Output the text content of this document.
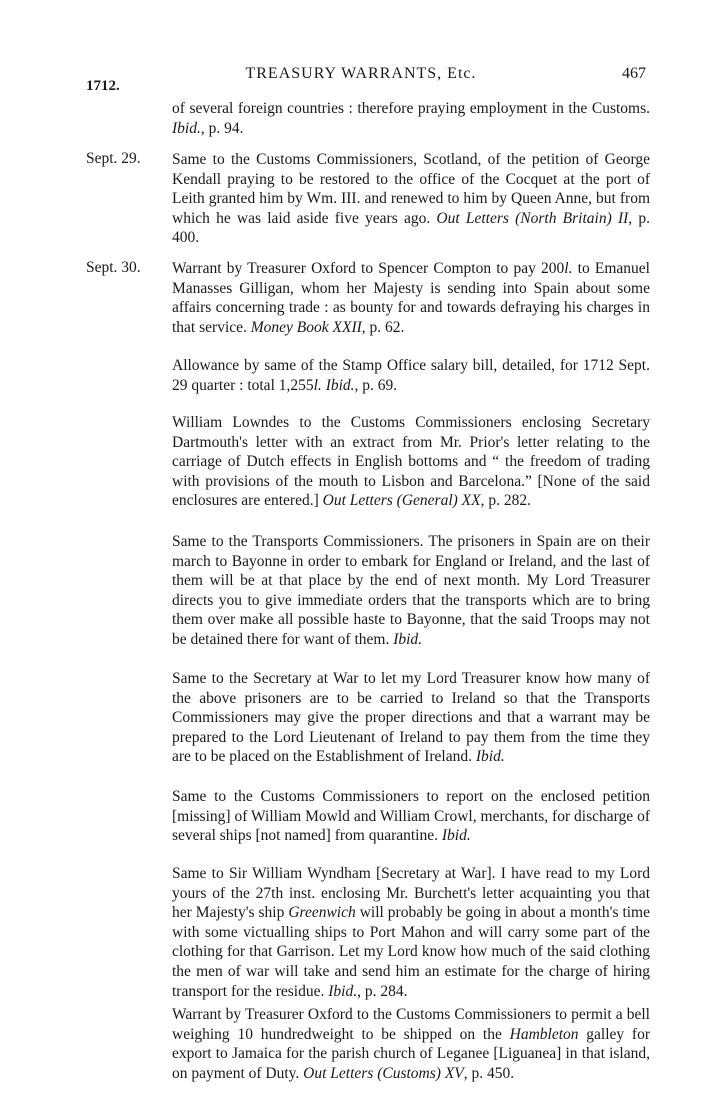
1712.
TREASURY WARRANTS, Etc.	467
of several foreign countries : therefore praying employment in the Customs. Ibid., p. 94.
Sept. 29. Same to the Customs Commissioners, Scotland, of the petition of George Kendall praying to be restored to the office of the Cocquet at the port of Leith granted him by Wm. III. and renewed to him by Queen Anne, but from which he was laid aside five years ago. Out Letters (North Britain) II, p. 400.
Sept. 30. Warrant by Treasurer Oxford to Spencer Compton to pay 200l. to Emanuel Manasses Gilligan, whom her Majesty is sending into Spain about some affairs concerning trade : as bounty for and towards defraying his charges in that service. Money Book XXII, p. 62.
Allowance by same of the Stamp Office salary bill, detailed, for 1712 Sept. 29 quarter : total 1,255l. Ibid., p. 69.
William Lowndes to the Customs Commissioners enclosing Secretary Dartmouth's letter with an extract from Mr. Prior's letter relating to the carriage of Dutch effects in English bottoms and “ the freedom of trading with provisions of the mouth to Lisbon and Barcelona.” [None of the said enclosures are entered.] Out Letters (General) XX, p. 282.
Same to the Transports Commissioners. The prisoners in Spain are on their march to Bayonne in order to embark for England or Ireland, and the last of them will be at that place by the end of next month. My Lord Treasurer directs you to give immediate orders that the transports which are to bring them over make all possible haste to Bayonne, that the said Troops may not be detained there for want of them. Ibid.
Same to the Secretary at War to let my Lord Treasurer know how many of the above prisoners are to be carried to Ireland so that the Transports Commissioners may give the proper directions and that a warrant may be prepared to the Lord Lieutenant of Ireland to pay them from the time they are to be placed on the Establishment of Ireland. Ibid.
Same to the Customs Commissioners to report on the enclosed petition [missing] of William Mowld and William Crowl, merchants, for discharge of several ships [not named] from quarantine. Ibid.
Same to Sir William Wyndham [Secretary at War]. I have read to my Lord yours of the 27th inst. enclosing Mr. Burchett's letter acquainting you that her Majesty's ship Greenwich will probably be going in about a month's time with some victualling ships to Port Mahon and will carry some part of the clothing for that Garrison. Let my Lord know how much of the said clothing the men of war will take and send him an estimate for the charge of hiring transport for the residue. Ibid., p. 284.
Warrant by Treasurer Oxford to the Customs Commissioners to permit a bell weighing 10 hundredweight to be shipped on the Hambleton galley for export to Jamaica for the parish church of Leganee [Liguanea] in that island, on payment of Duty. Out Letters (Customs) XV, p. 450.
